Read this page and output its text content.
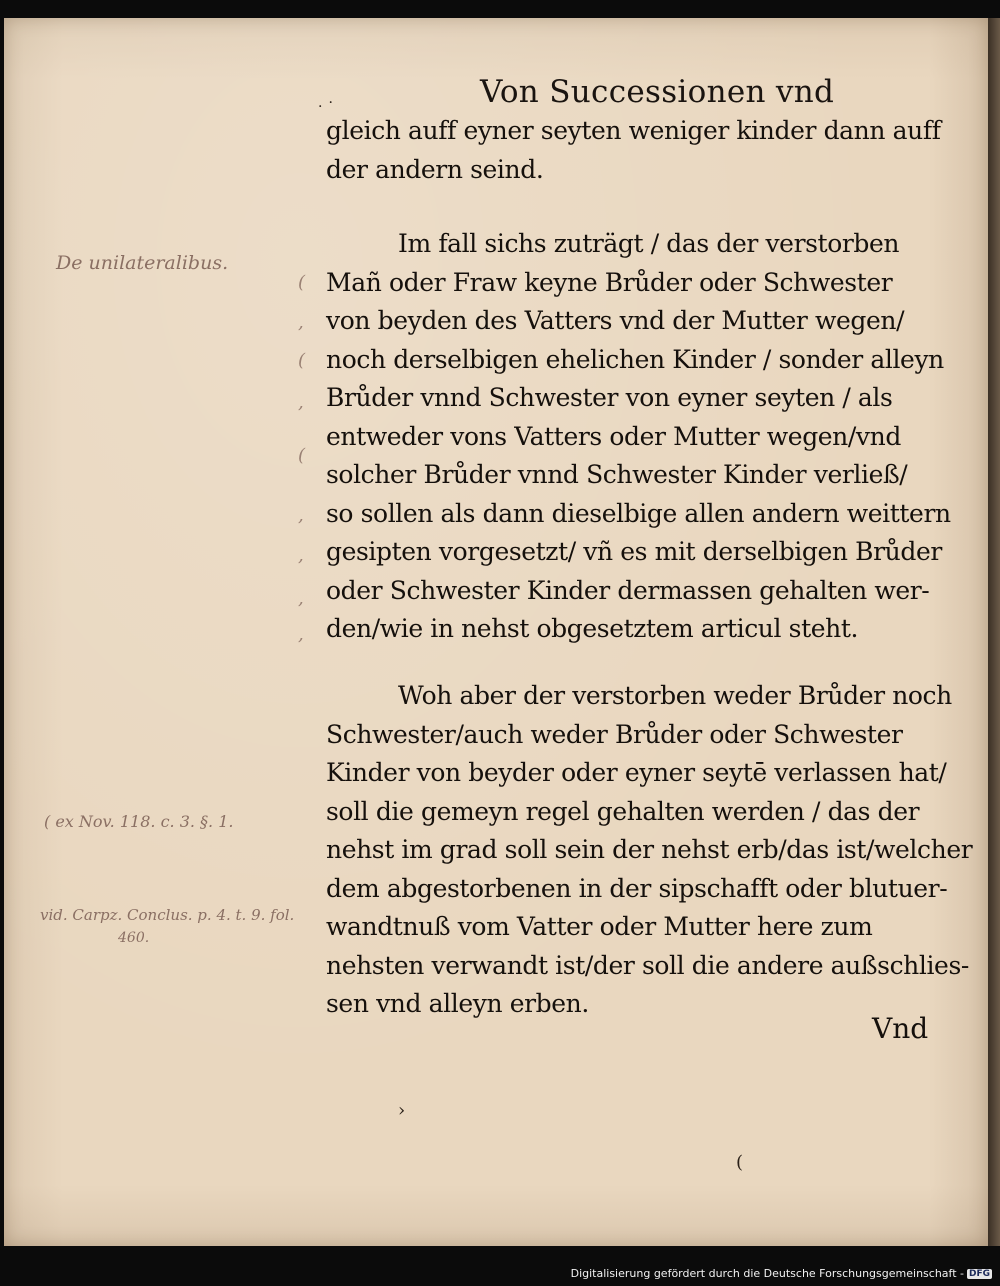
.·	Von Successionen vnd
gleich auff eyner seyten weniger kinder dann auff
der andern seind.
Im fall sichs zuträgt / das der verstorben
Mañ oder Fraw keyne Brůder oder Schwester
von beyden des Vatters vnd der Mutter wegen/
noch derselbigen ehelichen Kinder / sonder alleyn
Brůder vnnd Schwester von eyner seyten / als
entweder vons Vatters oder Mutter wegen/vnd
solcher Brůder vnnd Schwester Kinder verließ/
so sollen als dann dieselbige allen andern weittern
gesipten vorgesetzt/ vñ es mit derselbigen Brůder
oder Schwester Kinder dermassen gehalten wer-
den/wie in nehst obgesetztem articul steht.
Woh aber der verstorben weder Brůder noch
Schwester/auch weder Brůder oder Schwester
Kinder von beyder oder eyner seytē verlassen hat/
soll die gemeyn regel gehalten werden / das der
nehst im grad soll sein der nehst erb/das ist/welcher
dem abgestorbenen in der sipschafft oder blutuer-
wandtnuß vom Vatter oder Mutter here zum
nehsten verwandt ist/der soll die andere außschlies-
sen vnd alleyn erben.
Vnd
De unilateralibus.
( ex Nov. 118. c. 3. §. 1.
vid. Carpz. Conclus. p. 4. t. 9. fol.
460.
(
,
(
,
(
,
,
,
,
›
(
Digitalisierung gefördert durch die Deutsche Forschungsgemeinschaft - DFG
